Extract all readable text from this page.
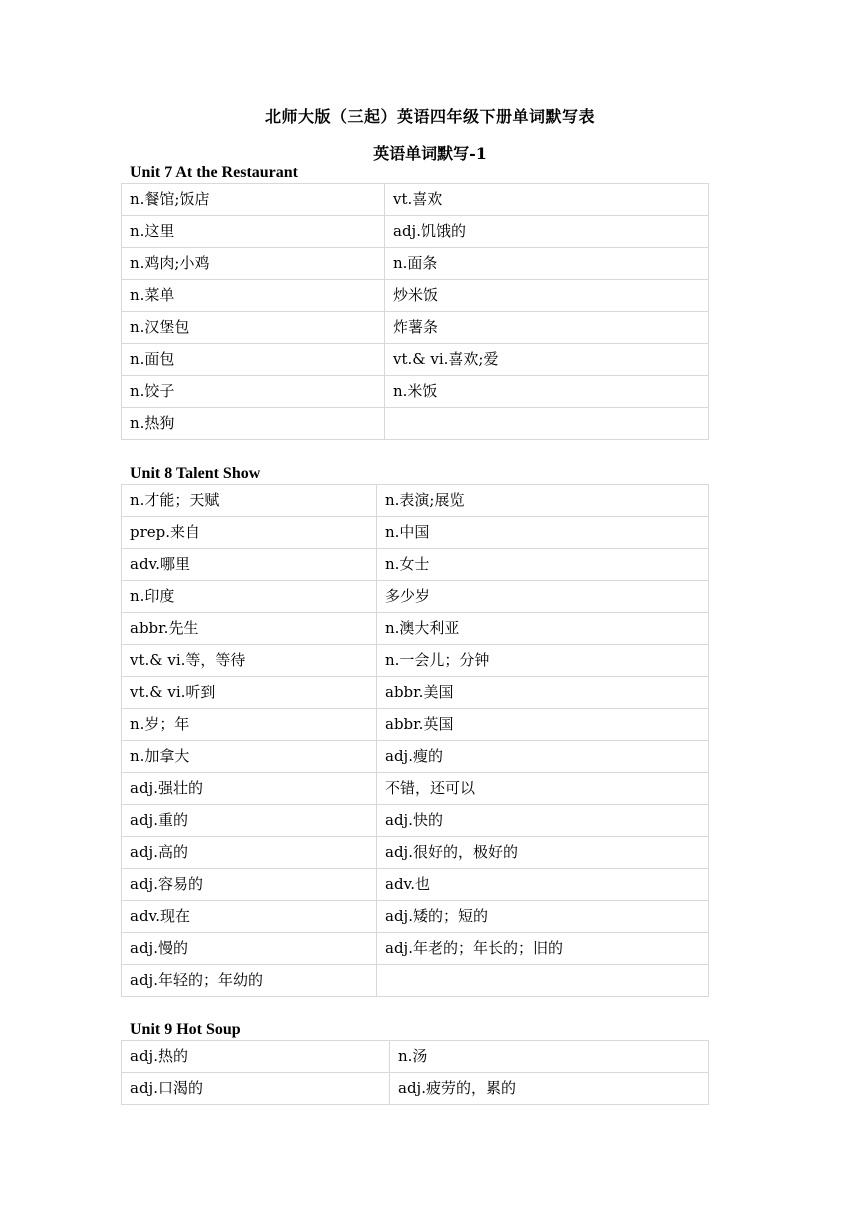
北师大版（三起）英语四年级下册单词默写表
英语单词默写-1
Unit 7 At the Restaurant
n.餐馆;饭店	vt.喜欢
n.这里	adj.饥饿的
n.鸡肉;小鸡	n.面条
n.菜单	炒米饭
n.汉堡包	炸薯条
n.面包	vt.& vi.喜欢;爱
n.饺子	n.米饭
n.热狗	
Unit 8 Talent Show
n.才能；天赋	n.表演;展览
prep.来自	n.中国
adv.哪里	n.女士
n.印度	多少岁
abbr.先生	n.澳大利亚
vt.& vi.等，等待	n.一会儿；分钟
vt.& vi.听到	abbr.美国
n.岁；年	abbr.英国
n.加拿大	adj.瘦的
adj.强壮的	不错，还可以
adj.重的	adj.快的
adj.高的	adj.很好的，极好的
adj.容易的	adv.也
adv.现在	adj.矮的；短的
adj.慢的	adj.年老的；年长的；旧的
adj.年轻的；年幼的	
Unit 9 Hot Soup
adj.热的	n.汤
adj.口渴的	adj.疲劳的，累的
